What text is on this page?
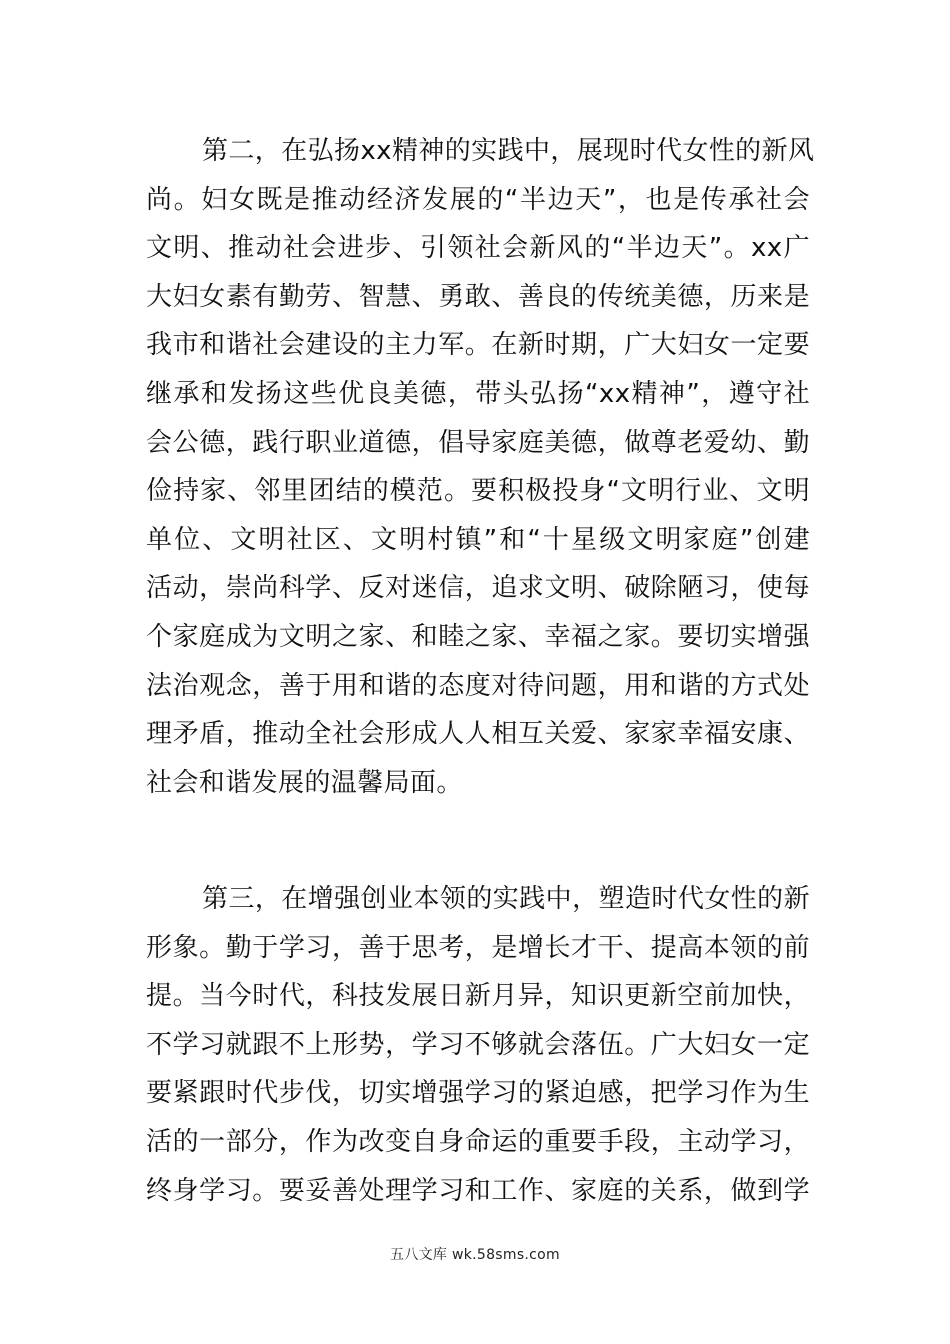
第二，在弘扬xx精神的实践中，展现时代女性的新风
尚。妇女既是推动经济发展的“半边天”，也是传承社会
文明、推动社会进步、引领社会新风的“半边天”。xx广
大妇女素有勤劳、智慧、勇敢、善良的传统美德，历来是
我市和谐社会建设的主力军。在新时期，广大妇女一定要
继承和发扬这些优良美德，带头弘扬“xx精神”，遵守社
会公德，践行职业道德，倡导家庭美德，做尊老爱幼、勤
俭持家、邻里团结的模范。要积极投身“文明行业、文明
单位、文明社区、文明村镇”和“十星级文明家庭”创建
活动，崇尚科学、反对迷信，追求文明、破除陋习，使每
个家庭成为文明之家、和睦之家、幸福之家。要切实增强
法治观念，善于用和谐的态度对待问题，用和谐的方式处
理矛盾，推动全社会形成人人相互关爱、家家幸福安康、
社会和谐发展的温馨局面。
第三，在增强创业本领的实践中，塑造时代女性的新
形象。勤于学习，善于思考，是增长才干、提高本领的前
提。当今时代，科技发展日新月异，知识更新空前加快，
不学习就跟不上形势，学习不够就会落伍。广大妇女一定
要紧跟时代步伐，切实增强学习的紧迫感，把学习作为生
活的一部分，作为改变自身命运的重要手段，主动学习，
终身学习。要妥善处理学习和工作、家庭的关系，做到学
五八文库 wk.58sms.com
